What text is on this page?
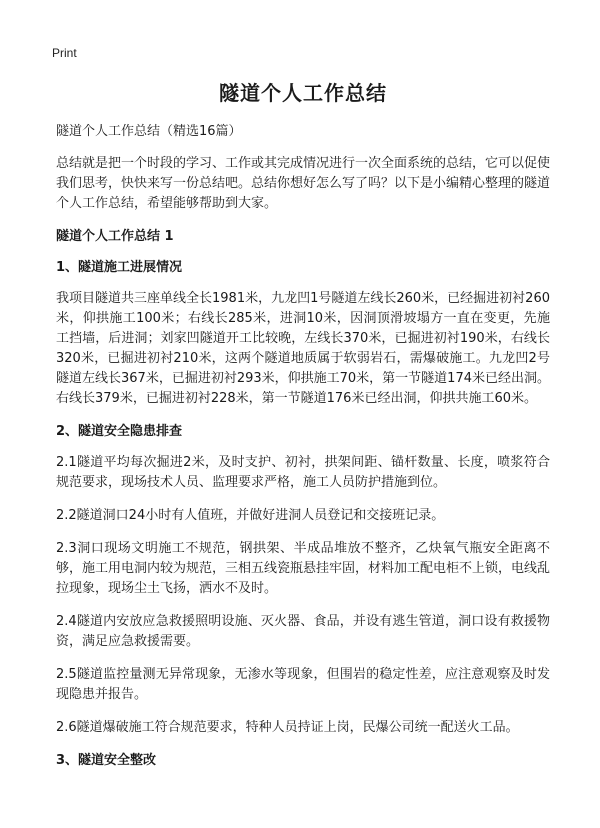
Print
隧道个人工作总结
隧道个人工作总结（精选16篇）

总结就是把一个时段的学习、工作或其完成情况进行一次全面系统的总结，它可以促使我们思考，快快来写一份总结吧。总结你想好怎么写了吗？以下是小编精心整理的隧道个人工作总结，希望能够帮助到大家。

隧道个人工作总结 1
1、隧道施工进展情况

我项目隧道共三座单线全长1981米，九龙凹1号隧道左线长260米，已经掘进初衬260米，仰拱施工100米；右线长285米，进洞10米，因洞顶滑坡塌方一直在变更，先施工挡墙，后进洞；刘家凹隧道开工比较晚，左线长370米，已掘进初衬190米，右线长320米，已掘进初衬210米，这两个隧道地质属于软弱岩石，需爆破施工。九龙凹2号隧道左线长367米，已掘进初衬293米，仰拱施工70米，第一节隧道174米已经出洞。右线长379米，已掘进初衬228米，第一节隧道176米已经出洞，仰拱共施工60米。

2、隧道安全隐患排查

2.1隧道平均每次掘进2米，及时支护、初衬，拱架间距、锚杆数量、长度，喷浆符合规范要求，现场技术人员、监理要求严格，施工人员防护措施到位。

2.2隧道洞口24小时有人值班，并做好进洞人员登记和交接班记录。

2.3洞口现场文明施工不规范，钢拱架、半成品堆放不整齐，乙炔氧气瓶安全距离不够，施工用电洞内较为规范，三相五线瓷瓶悬挂牢固，材料加工配电柜不上锁，电线乱拉现象，现场尘土飞扬，洒水不及时。

2.4隧道内安放应急救援照明设施、灭火器、食品，并设有逃生管道，洞口设有救援物资，满足应急救援需要。

2.5隧道监控量测无异常现象，无渗水等现象，但围岩的稳定性差，应注意观察及时发现隐患并报告。

2.6隧道爆破施工符合规范要求，特种人员持证上岗，民爆公司统一配送火工品。

3、隧道安全整改
